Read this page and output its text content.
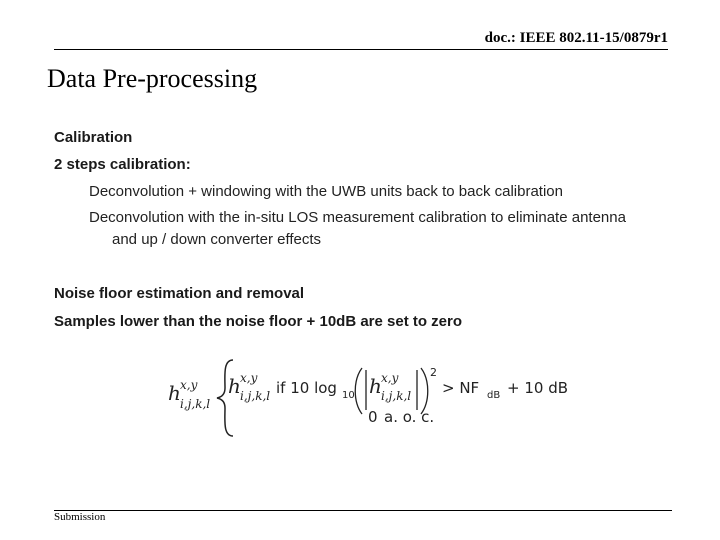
doc.: IEEE 802.11-15/0879r1
Data Pre-processing
Calibration
2 steps calibration:
Deconvolution + windowing with the UWB units back to back calibration
Deconvolution with the in-situ LOS measurement calibration to eliminate antenna
and up / down converter effects
Noise floor estimation and removal
Samples lower than the noise floor + 10dB are set to zero
h x,y
i,j,k,l
h x,y
i,j,k,l if 10 log 10 h x,y
i,j,k,l
2
> NF dB + 10 dB
0 a. o. c.
Submission
